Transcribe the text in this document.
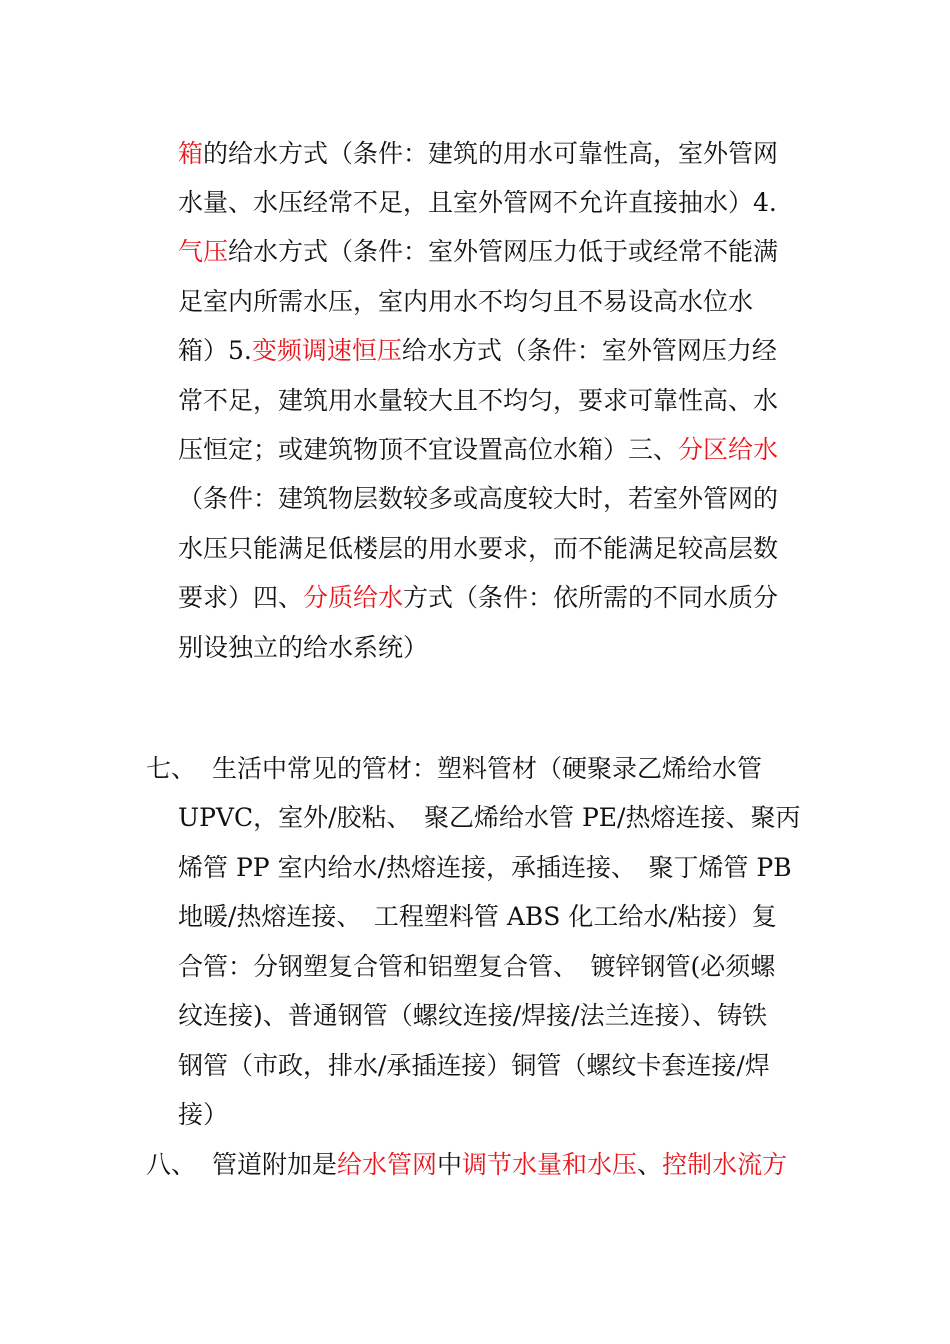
箱的给水方式（条件：建筑的用水可靠性高，室外管网
水量、水压经常不足，且室外管网不允许直接抽水）4.
气压给水方式（条件：室外管网压力低于或经常不能满
足室内所需水压，室内用水不均匀且不易设高水位水
箱）5.变频调速恒压给水方式（条件：室外管网压力经
常不足，建筑用水量较大且不均匀，要求可靠性高、水
压恒定；或建筑物顶不宜设置高位水箱）三、分区给水
（条件：建筑物层数较多或高度较大时，若室外管网的
水压只能满足低楼层的用水要求，而不能满足较高层数
要求）四、分质给水方式（条件：依所需的不同水质分
别设独立的给水系统）
七、 生活中常见的管材：塑料管材（硬聚录乙烯给水管
UPVC，室外/胶粘、　聚乙烯给水管 PE/热熔连接、聚丙
烯管 PP 室内给水/热熔连接，承插连接、　聚丁烯管 PB
地暖/热熔连接、　工程塑料管 ABS 化工给水/粘接）复
合管：分钢塑复合管和铝塑复合管、　镀锌钢管(必须螺
纹连接)、普通钢管（螺纹连接/焊接/法兰连接）、铸铁
钢管（市政，排水/承插连接）铜管（螺纹卡套连接/焊
接）
八、 管道附加是给水管网中调节水量和水压、控制水流方
